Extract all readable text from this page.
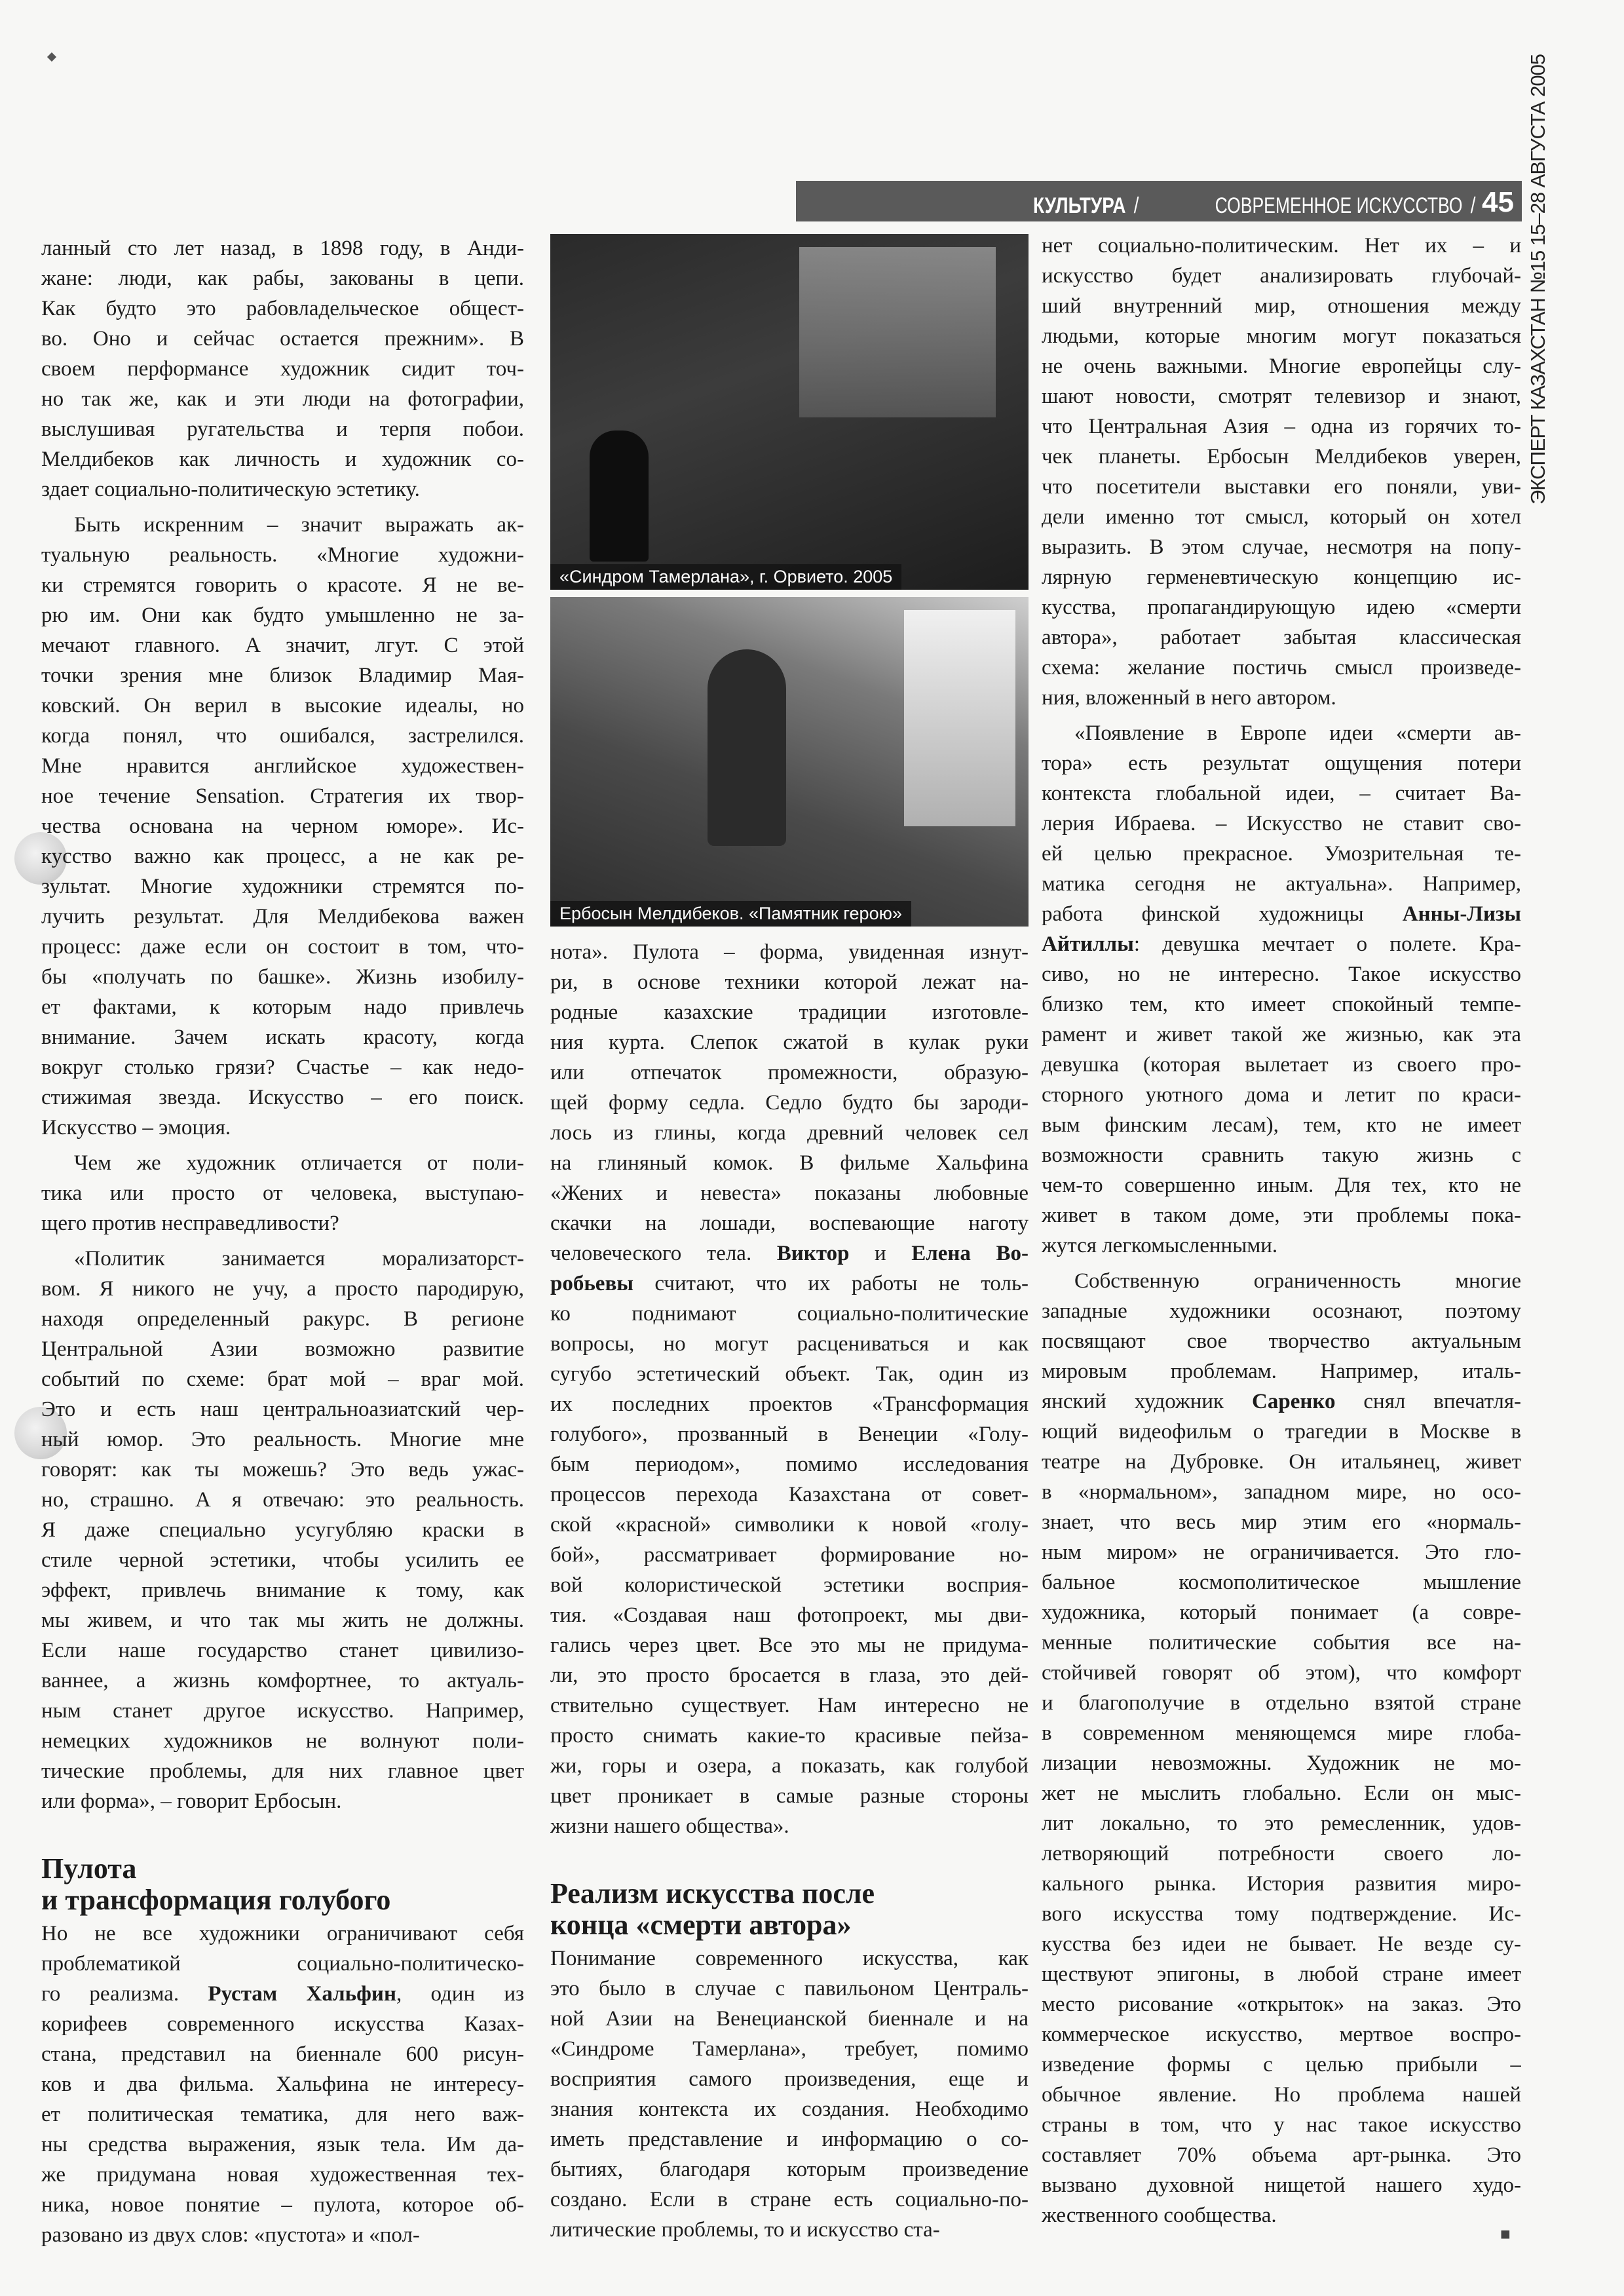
КУЛЬТУРА /	СОВРЕМЕННОЕ ИСКУССТВО / 45 ЭКСПЕРТ КАЗАХСТАН №15 15–28 АВГУСТА 2005
«Синдром Тамерлана», г. Орвието. 2005
Ербосын Мелдибеков. «Памятник герою»
ланный сто лет назад, в 1898 году, в Анди-
жане: люди, как рабы, закованы в цепи.
Как будто это рабовладельческое общест-
во. Оно и сейчас остается прежним». В
своем перформансе художник сидит точ-
но так же, как и эти люди на фотографии,
выслушивая ругательства и терпя побои.
Мелдибеков как личность и художник со-
здает социально-политическую эстетику.
Быть искренним – значит выражать ак-
туальную реальность. «Многие художни-
ки стремятся говорить о красоте. Я не ве-
рю им. Они как будто умышленно не за-
мечают главного. А значит, лгут. С этой
точки зрения мне близок Владимир Мая-
ковский. Он верил в высокие идеалы, но
когда понял, что ошибался, застрелился.
Мне нравится английское художествен-
ное течение Sensation. Стратегия их твор-
чества основана на черном юморе». Ис-
кусство важно как процесс, а не как ре-
зультат. Многие художники стремятся по-
лучить результат. Для Мелдибекова важен
процесс: даже если он состоит в том, что-
бы «получать по башке». Жизнь изобилу-
ет фактами, к которым надо привлечь
внимание. Зачем искать красоту, когда
вокруг столько грязи? Счастье – как недо-
стижимая звезда. Искусство – его поиск.
Искусство – эмоция.
Чем же художник отличается от поли-
тика или просто от человека, выступаю-
щего против несправедливости?
«Политик занимается морализаторст-
вом. Я никого не учу, а просто пародирую,
находя определенный ракурс. В регионе
Центральной Азии возможно развитие
событий по схеме: брат мой – враг мой.
Это и есть наш центральноазиатский чер-
ный юмор. Это реальность. Многие мне
говорят: как ты можешь? Это ведь ужас-
но, страшно. А я отвечаю: это реальность.
Я даже специально усугубляю краски в
стиле черной эстетики, чтобы усилить ее
эффект, привлечь внимание к тому, как
мы живем, и что так мы жить не должны.
Если наше государство станет цивилизо-
ваннее, а жизнь комфортнее, то актуаль-
ным станет другое искусство. Например,
немецких художников не волнуют поли-
тические проблемы, для них главное цвет
или форма», – говорит Ербосын.
Пулота
и трансформация голубого
Но не все художники ограничивают себя
проблематикой социально-политическо-
го реализма. Рустам Хальфин, один из
корифеев современного искусства Казах-
стана, представил на биеннале 600 рисун-
ков и два фильма. Хальфина не интересу-
ет политическая тематика, для него важ-
ны средства выражения, язык тела. Им да-
же придумана новая художественная тех-
ника, новое понятие – пулота, которое об-
разовано из двух слов: «пустота» и «пол-
нота». Пулота – форма, увиденная изнут-
ри, в основе техники которой лежат на-
родные казахские традиции изготовле-
ния курта. Слепок сжатой в кулак руки
или отпечаток промежности, образую-
щей форму седла. Седло будто бы зароди-
лось из глины, когда древний человек сел
на глиняный комок. В фильме Хальфина
«Жених и невеста» показаны любовные
скачки на лошади, воспевающие наготу
человеческого тела. Виктор и Елена Во-
робьевы считают, что их работы не толь-
ко поднимают социально-политические
вопросы, но могут расцениваться и как
сугубо эстетический объект. Так, один из
их последних проектов «Трансформация
голубого», прозванный в Венеции «Голу-
бым периодом», помимо исследования
процессов перехода Казахстана от совет-
ской «красной» символики к новой «голу-
бой», рассматривает формирование но-
вой колористической эстетики восприя-
тия. «Создавая наш фотопроект, мы дви-
гались через цвет. Все это мы не придума-
ли, это просто бросается в глаза, это дей-
ствительно существует. Нам интересно не
просто снимать какие-то красивые пейза-
жи, горы и озера, а показать, как голубой
цвет проникает в самые разные стороны
жизни нашего общества».
Реализм искусства после
конца «смерти автора»
Понимание современного искусства, как
это было в случае с павильоном Централь-
ной Азии на Венецианской биеннале и на
«Синдроме Тамерлана», требует, помимо
восприятия самого произведения, еще и
знания контекста их создания. Необходимо
иметь представление и информацию о со-
бытиях, благодаря которым произведение
создано. Если в стране есть социально-по-
литические проблемы, то и искусство ста-
нет социально-политическим. Нет их – и
искусство будет анализировать глубочай-
ший внутренний мир, отношения между
людьми, которые многим могут показаться
не очень важными. Многие европейцы слу-
шают новости, смотрят телевизор и знают,
что Центральная Азия – одна из горячих то-
чек планеты. Ербосын Мелдибеков уверен,
что посетители выставки его поняли, уви-
дели именно тот смысл, который он хотел
выразить. В этом случае, несмотря на попу-
лярную герменевтическую концепцию ис-
кусства, пропагандирующую идею «смерти
автора», работает забытая классическая
схема: желание постичь смысл произведе-
ния, вложенный в него автором.
«Появление в Европе идеи «смерти ав-
тора» есть результат ощущения потери
контекста глобальной идеи, – считает Ва-
лерия Ибраева. – Искусство не ставит сво-
ей целью прекрасное. Умозрительная те-
матика сегодня не актуальна». Например,
работа финской художницы Анны-Лизы
Айтиллы: девушка мечтает о полете. Кра-
сиво, но не интересно. Такое искусство
близко тем, кто имеет спокойный темпе-
рамент и живет такой же жизнью, как эта
девушка (которая вылетает из своего про-
сторного уютного дома и летит по краси-
вым финским лесам), тем, кто не имеет
возможности сравнить такую жизнь с
чем-то совершенно иным. Для тех, кто не
живет в таком доме, эти проблемы пока-
жутся легкомысленными.
Собственную ограниченность многие
западные художники осознают, поэтому
посвящают свое творчество актуальным
мировым проблемам. Например, италь-
янский художник Саренко снял впечатля-
ющий видеофильм о трагедии в Москве в
театре на Дубровке. Он итальянец, живет
в «нормальном», западном мире, но осо-
знает, что весь мир этим его «нормаль-
ным миром» не ограничивается. Это гло-
бальное космополитическое мышление
художника, который понимает (а совре-
менные политические события все на-
стойчивей говорят об этом), что комфорт
и благополучие в отдельно взятой стране
в современном меняющемся мире глоба-
лизации невозможны. Художник не мо-
жет не мыслить глобально. Если он мыс-
лит локально, то это ремесленник, удов-
летворяющий потребности своего ло-
кального рынка. История развития миро-
вого искусства тому подтверждение. Ис-
кусства без идеи не бывает. Не везде су-
ществуют эпигоны, в любой стране имеет
место рисование «открыток» на заказ. Это
коммерческое искусство, мертвое воспро-
изведение формы с целью прибыли –
обычное явление. Но проблема нашей
страны в том, что у нас такое искусство
составляет 70% объема арт-рынка. Это
вызвано духовной нищетой нашего худо-
жественного сообщества.
■
